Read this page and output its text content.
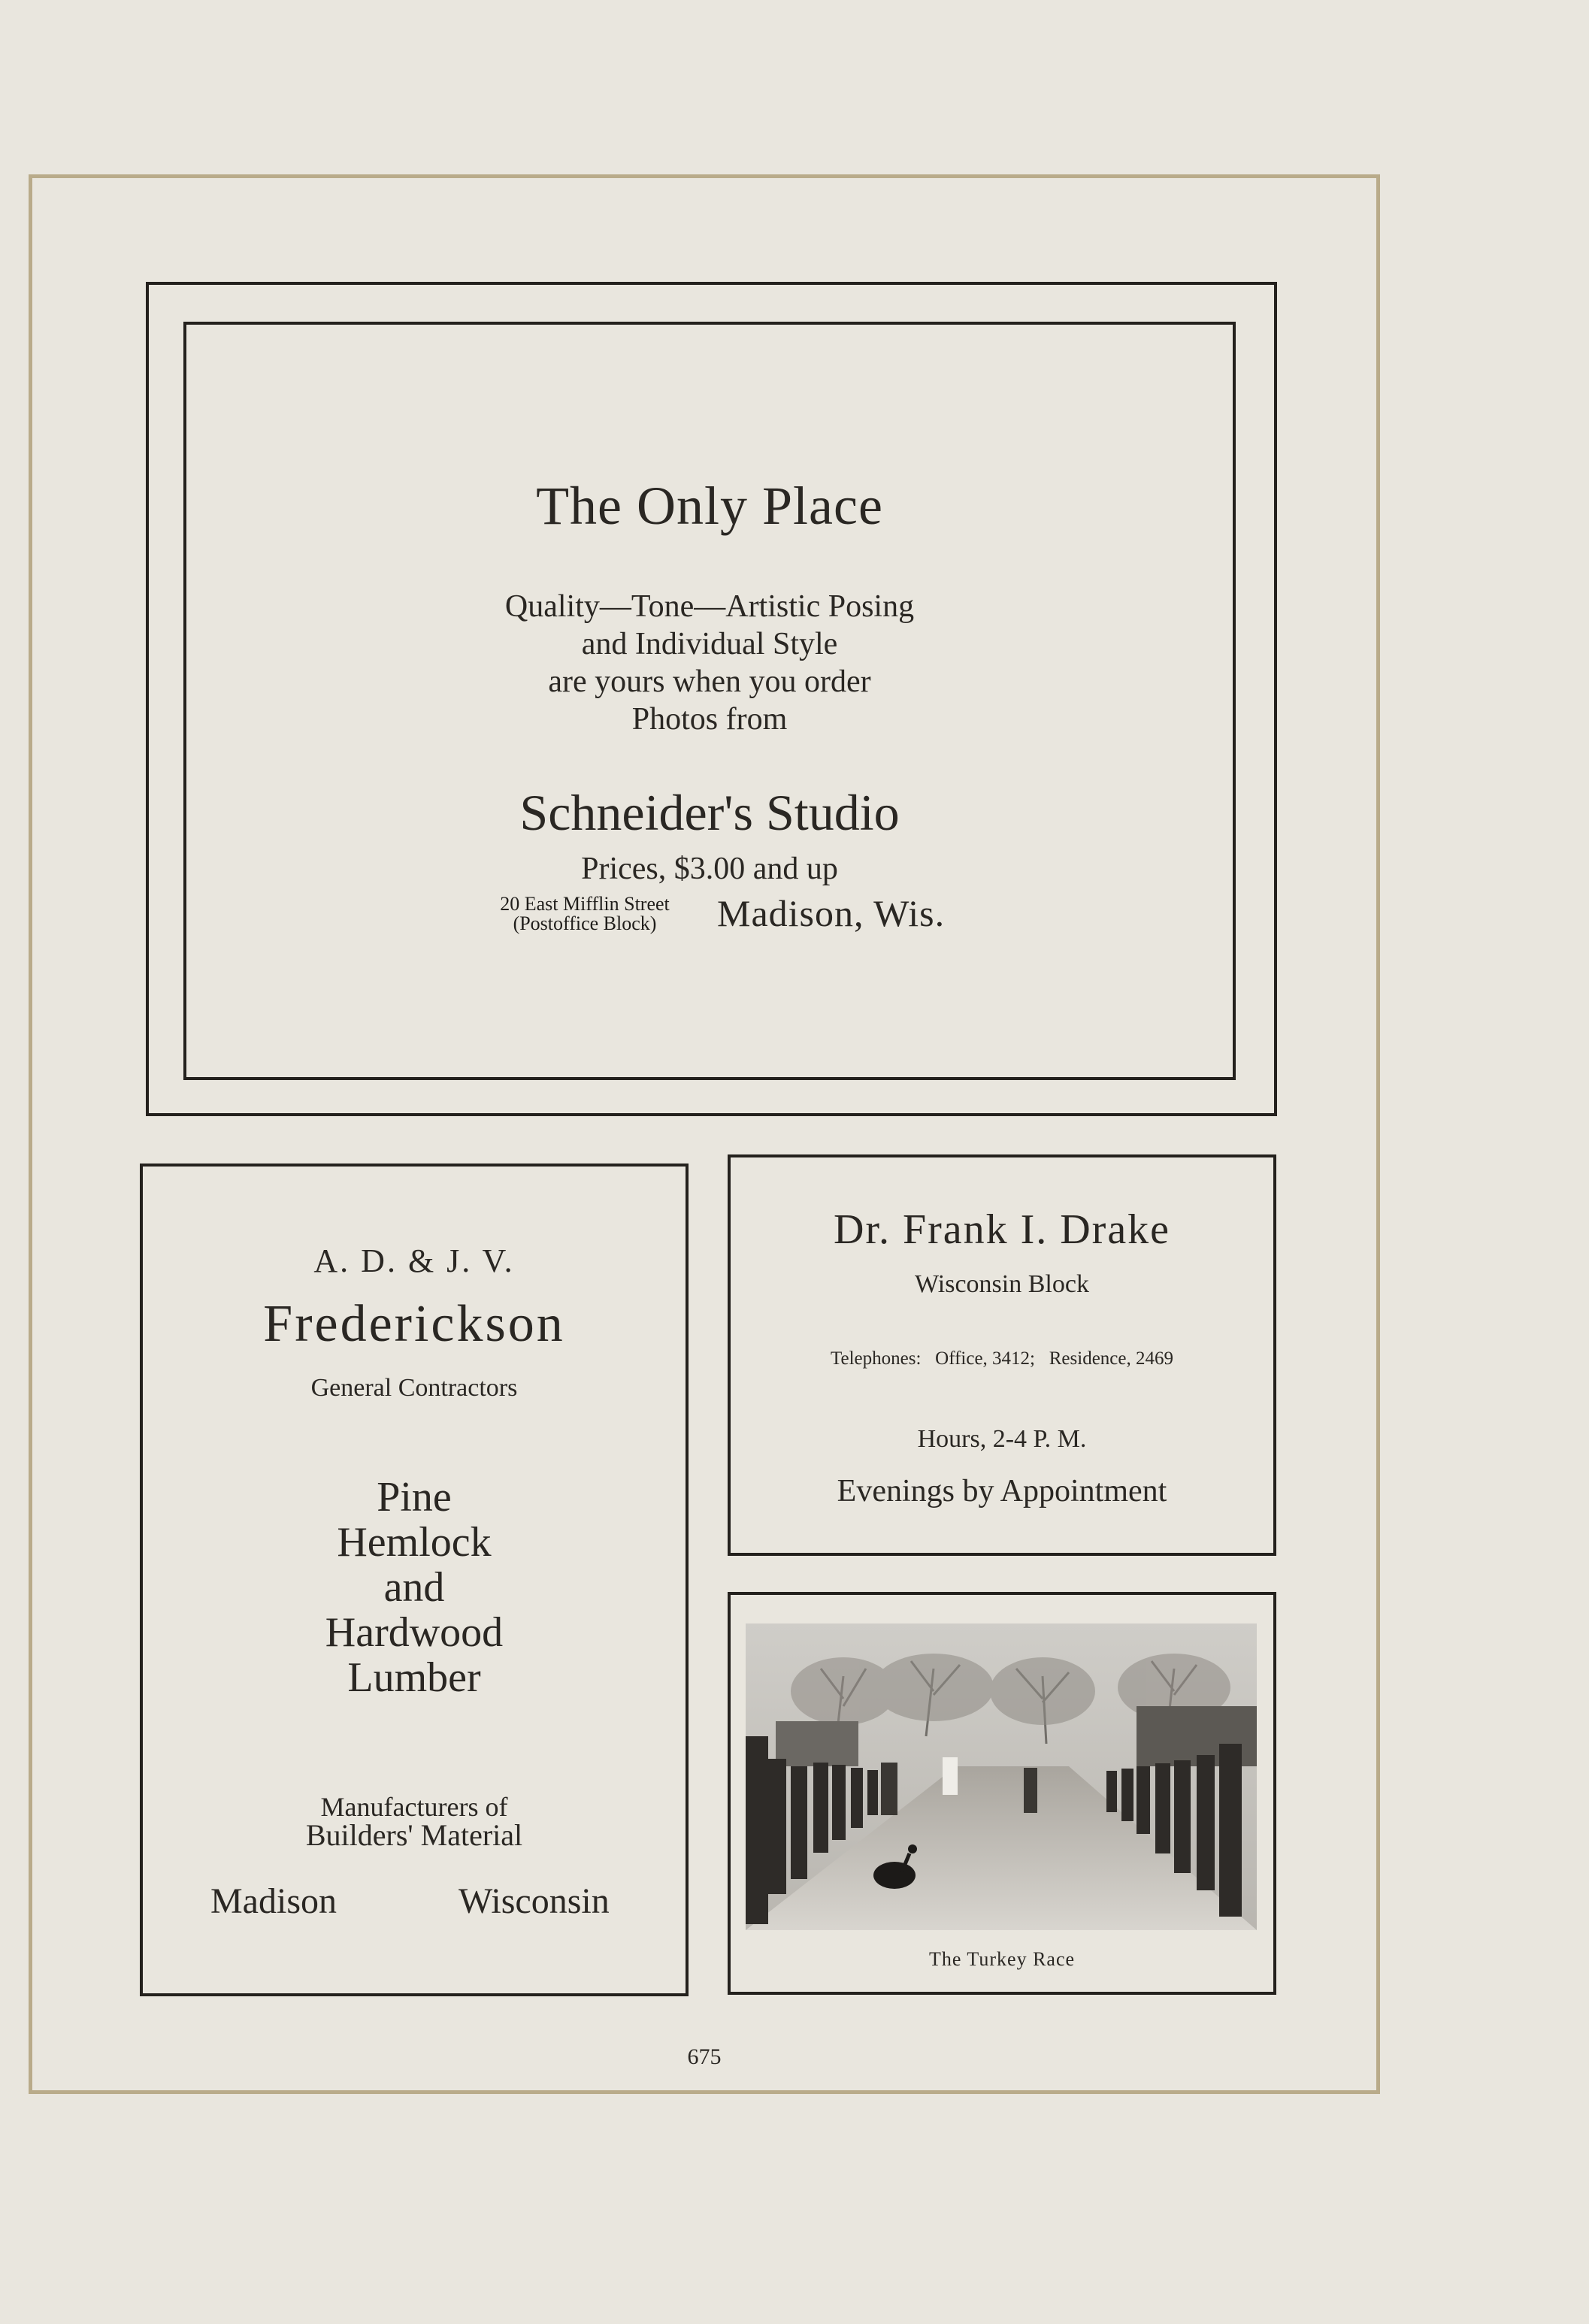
The Only Place
Quality—Tone—Artistic Posing
and Individual Style
are yours when you order
Photos from
Schneider's Studio
Prices, $3.00 and up
20 East Mifflin Street
(Postoffice Block)	Madison, Wis.
A. D. & J. V.
Frederickson
General Contractors
Pine
Hemlock
and
Hardwood
Lumber
Manufacturers of
Builders' Material
Madison	Wisconsin
Dr. Frank I. Drake
Wisconsin Block
Telephones:   Office, 3412;   Residence, 2469
Hours, 2-4 P. M.
Evenings by Appointment
The Turkey Race
675
